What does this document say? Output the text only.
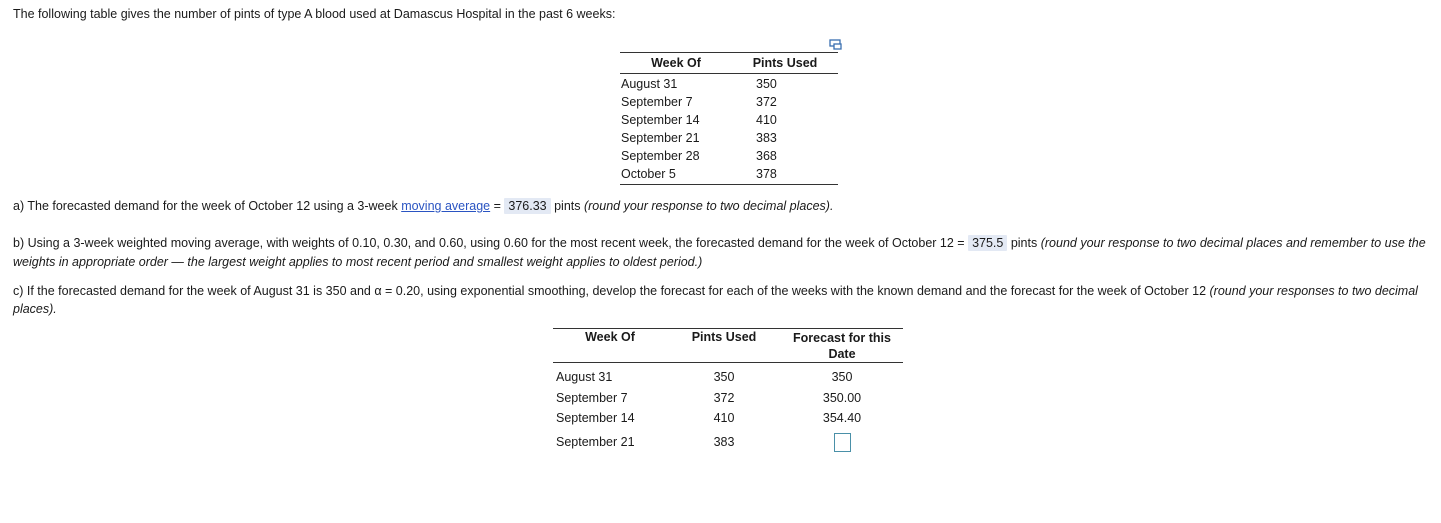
The following table gives the number of pints of type A blood used at Damascus Hospital in the past 6 weeks:
Week Of	Pints Used
August 31	350
September 7	372
September 14	410
September 21	383
September 28	368
October 5	378
a) The forecasted demand for the week of October 12 using a 3-week moving average = 376.33 pints (round your response to two decimal places).
b) Using a 3-week weighted moving average, with weights of 0.10, 0.30, and 0.60, using 0.60 for the most recent week, the forecasted demand for the week of October 12 = 375.5 pints (round your response to two decimal places and remember to use the weights in appropriate order — the largest weight applies to most recent period and smallest weight applies to oldest period.)
c) If the forecasted demand for the week of August 31 is 350 and α = 0.20, using exponential smoothing, develop the forecast for each of the weeks with the known demand and the forecast for the week of October 12 (round your responses to two decimal places).
Week Of	Pints Used	Forecast for this Date
August 31	350	350
September 7	372	350.00
September 14	410	354.40
September 21	383
